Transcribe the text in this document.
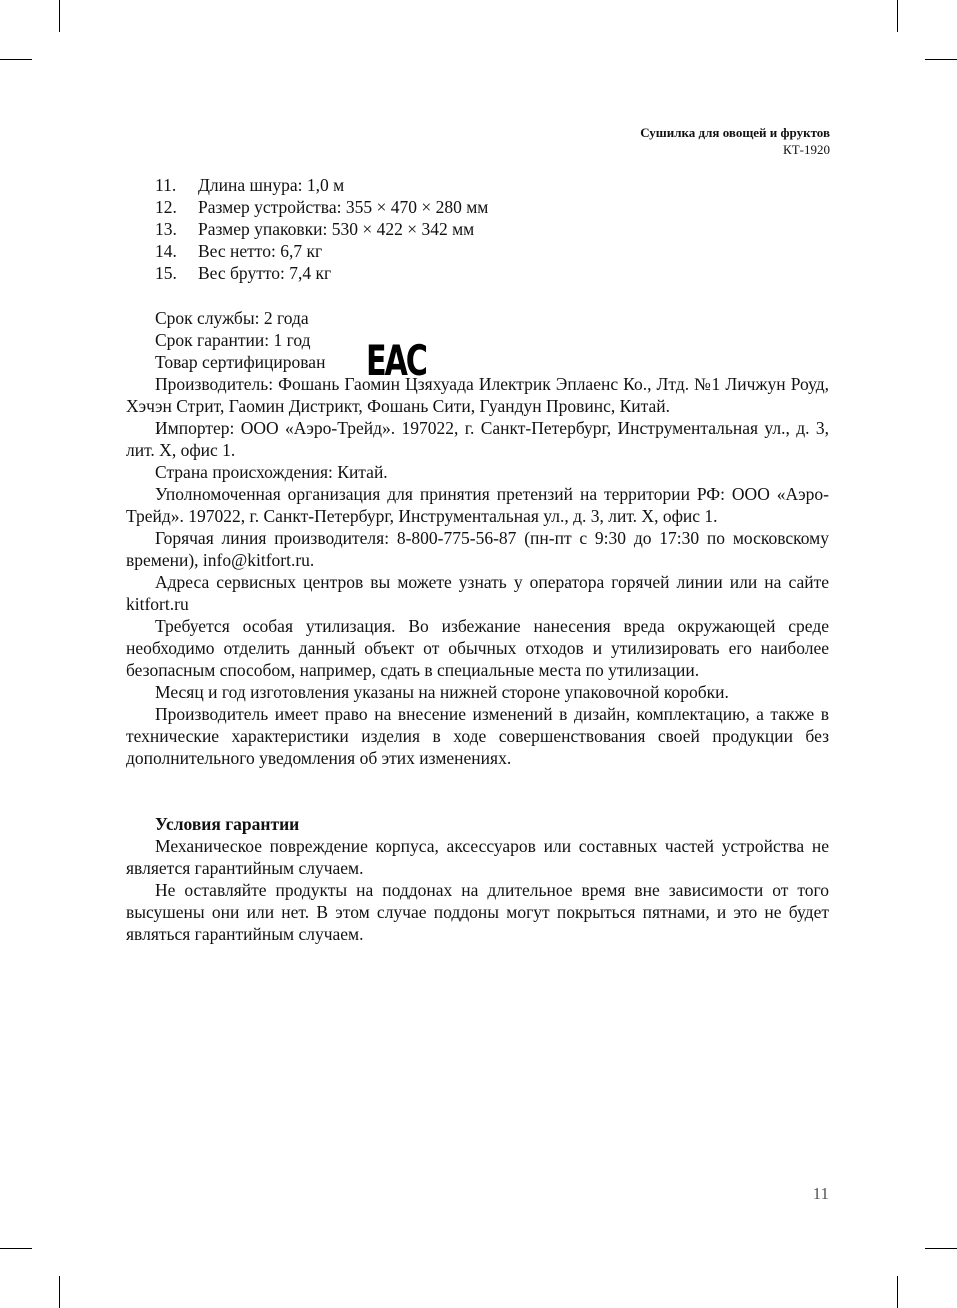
Сушилка для овощей и фруктов
КТ-1920
11.	Длина шнура: 1,0 м
12.	Размер устройства: 355 × 470 × 280 мм
13.	Размер упаковки: 530 × 422 × 342 мм
14.	Вес нетто: 6,7 кг
15.	Вес брутто: 7,4 кг
Срок службы: 2 года
Срок гарантии: 1 год
Товар сертифицирован EAC

Производитель: Фошань Гаомин Цзяхуада Илектрик Эплаенс Ко., Лтд. №1 Личжун Роуд, Хэчэн Стрит, Гаомин Дистрикт, Фошань Сити, Гуандун Провинс, Китай.

Импортер: ООО «Аэро-Трейд». 197022, г. Санкт-Петербург, Инструментальная ул., д. 3, лит. Х, офис 1.

Страна происхождения: Китай.

Уполномоченная организация для принятия претензий на территории РФ: ООО «Аэро-Трейд». 197022, г. Санкт-Петербург, Инструментальная ул., д. 3, лит. Х, офис 1.

Горячая линия производителя: 8-800-775-56-87 (пн-пт с 9:30 до 17:30 по московскому времени), info@kitfort.ru.

Адреса сервисных центров вы можете узнать у оператора горячей линии или на сайте kitfort.ru

Требуется особая утилизация. Во избежание нанесения вреда окружающей среде необходимо отделить данный объект от обычных отходов и утилизировать его наиболее безопасным способом, например, сдать в специальные места по утилизации.

Месяц и год изготовления указаны на нижней стороне упаковочной коробки.

Производитель имеет право на внесение изменений в дизайн, комплектацию, а также в технические характеристики изделия в ходе совершенствования своей продукции без дополнительного уведомления об этих изменениях.

Условия гарантии

Механическое повреждение корпуса, аксессуаров или составных частей устройства не является гарантийным случаем.

Не оставляйте продукты на поддонах на длительное время вне зависимости от того высушены они или нет. В этом случае поддоны могут покрыться пятнами, и это не будет являться гарантийным случаем.

11
